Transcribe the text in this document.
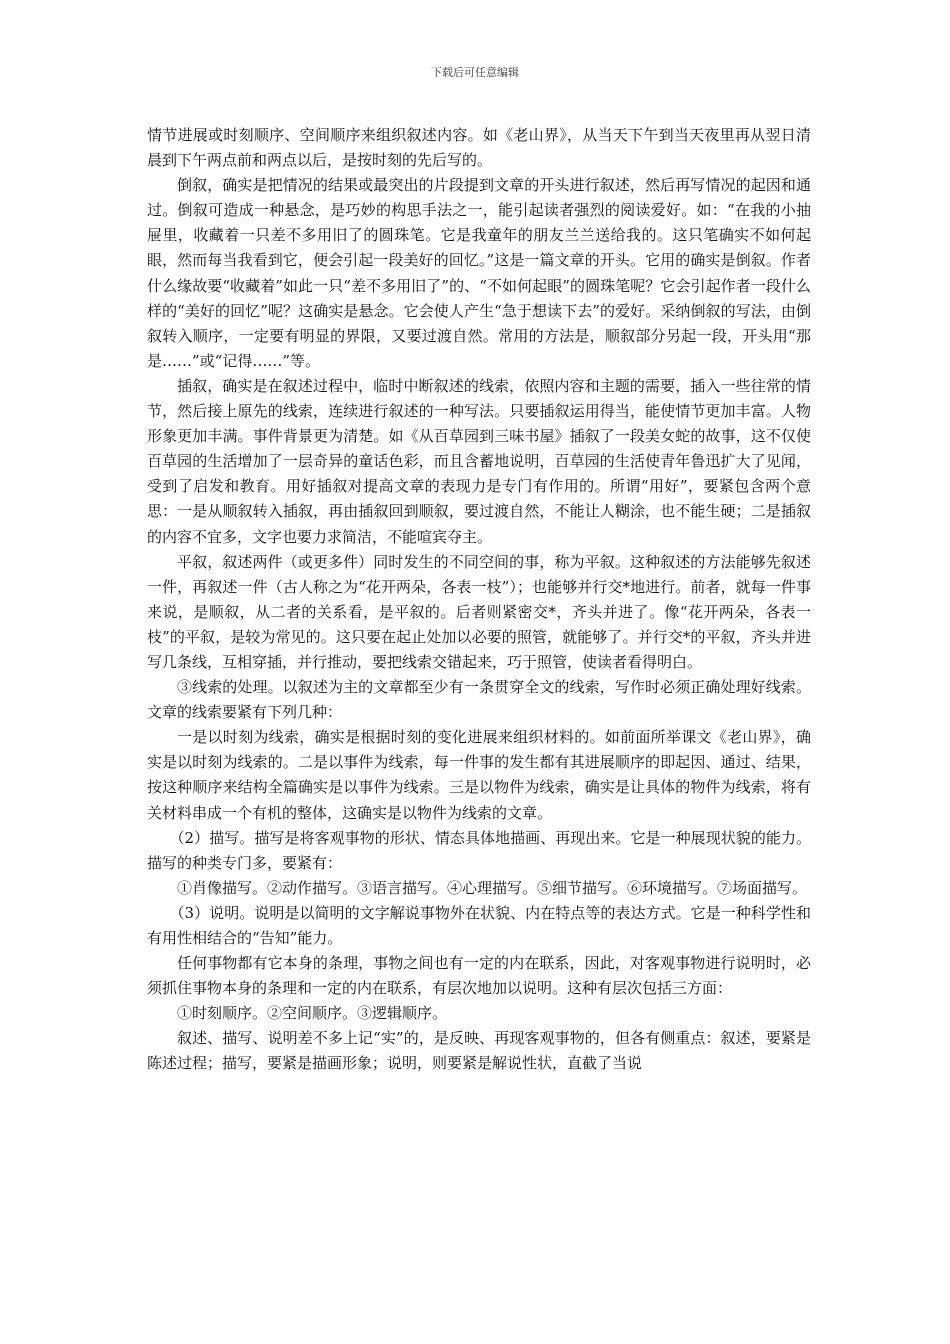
下载后可任意编辑

情节进展或时刻顺序、空间顺序来组织叙述内容。如《老山界》，从当天下午到当天夜里再从翌日清晨到下午两点前和两点以后，是按时刻的先后写的。

倒叙，确实是把情况的结果或最突出的片段提到文章的开头进行叙述，然后再写情况的起因和通过。倒叙可造成一种悬念，是巧妙的构思手法之一，能引起读者强烈的阅读爱好。如：“在我的小抽屉里，收藏着一只差不多用旧了的圆珠笔。它是我童年的朋友兰兰送给我的。这只笔确实不如何起眼，然而每当我看到它，便会引起一段美好的回忆。”这是一篇文章的开头。它用的确实是倒叙。作者什么缘故要“收藏着”如此一只“差不多用旧了”的、“不如何起眼”的圆珠笔呢？它会引起作者一段什么样的“美好的回忆”呢？这确实是悬念。它会使人产生“急于想读下去”的爱好。采纳倒叙的写法，由倒叙转入顺序，一定要有明显的界限，又要过渡自然。常用的方法是，顺叙部分另起一段，开头用“那是……”或“记得……”等。

插叙，确实是在叙述过程中，临时中断叙述的线索，依照内容和主题的需要，插入一些往常的情节，然后接上原先的线索，连续进行叙述的一种写法。只要插叙运用得当，能使情节更加丰富。人物形象更加丰满。事件背景更为清楚。如《从百草园到三味书屋》插叙了一段美女蛇的故事，这不仅使百草园的生活增加了一层奇异的童话色彩，而且含蓄地说明，百草园的生活使青年鲁迅扩大了见闻，受到了启发和教育。用好插叙对提高文章的表现力是专门有作用的。所谓“用好”，要紧包含两个意思：一是从顺叙转入插叙，再由插叙回到顺叙，要过渡自然，不能让人糊涂，也不能生硬；二是插叙的内容不宜多，文字也要力求简洁，不能喧宾夺主。

平叙，叙述两件（或更多件）同时发生的不同空间的事，称为平叙。这种叙述的方法能够先叙述一件，再叙述一件（古人称之为“花开两朵，各表一枝”）；也能够并行交*地进行。前者，就每一件事来说，是顺叙，从二者的关系看，是平叙的。后者则紧密交*，齐头并进了。像“花开两朵，各表一枝”的平叙，是较为常见的。这只要在起止处加以必要的照管，就能够了。并行交*的平叙，齐头并进写几条线，互相穿插，并行推动，要把线索交错起来，巧于照管，使读者看得明白。

③线索的处理。以叙述为主的文章都至少有一条贯穿全文的线索，写作时必须正确处理好线索。文章的线索要紧有下列几种：

一是以时刻为线索，确实是根据时刻的变化进展来组织材料的。如前面所举课文《老山界》，确实是以时刻为线索的。二是以事件为线索，每一件事的发生都有其进展顺序的即起因、通过、结果，按这种顺序来结构全篇确实是以事件为线索。三是以物件为线索，确实是让具体的物件为线索，将有关材料串成一个有机的整体，这确实是以物件为线索的文章。

（2）描写。描写是将客观事物的形状、情态具体地描画、再现出来。它是一种展现状貌的能力。描写的种类专门多，要紧有：

①肖像描写。②动作描写。③语言描写。④心理描写。⑤细节描写。⑥环境描写。⑦场面描写。

（3）说明。说明是以简明的文字解说事物外在状貌、内在特点等的表达方式。它是一种科学性和有用性相结合的“告知”能力。

任何事物都有它本身的条理，事物之间也有一定的内在联系，因此，对客观事物进行说明时，必须抓住事物本身的条理和一定的内在联系，有层次地加以说明。这种有层次包括三方面：

①时刻顺序。②空间顺序。③逻辑顺序。

叙述、描写、说明差不多上记“实”的，是反映、再现客观事物的，但各有侧重点：叙述，要紧是陈述过程；描写，要紧是描画形象；说明，则要紧是解说性状，直截了当说
